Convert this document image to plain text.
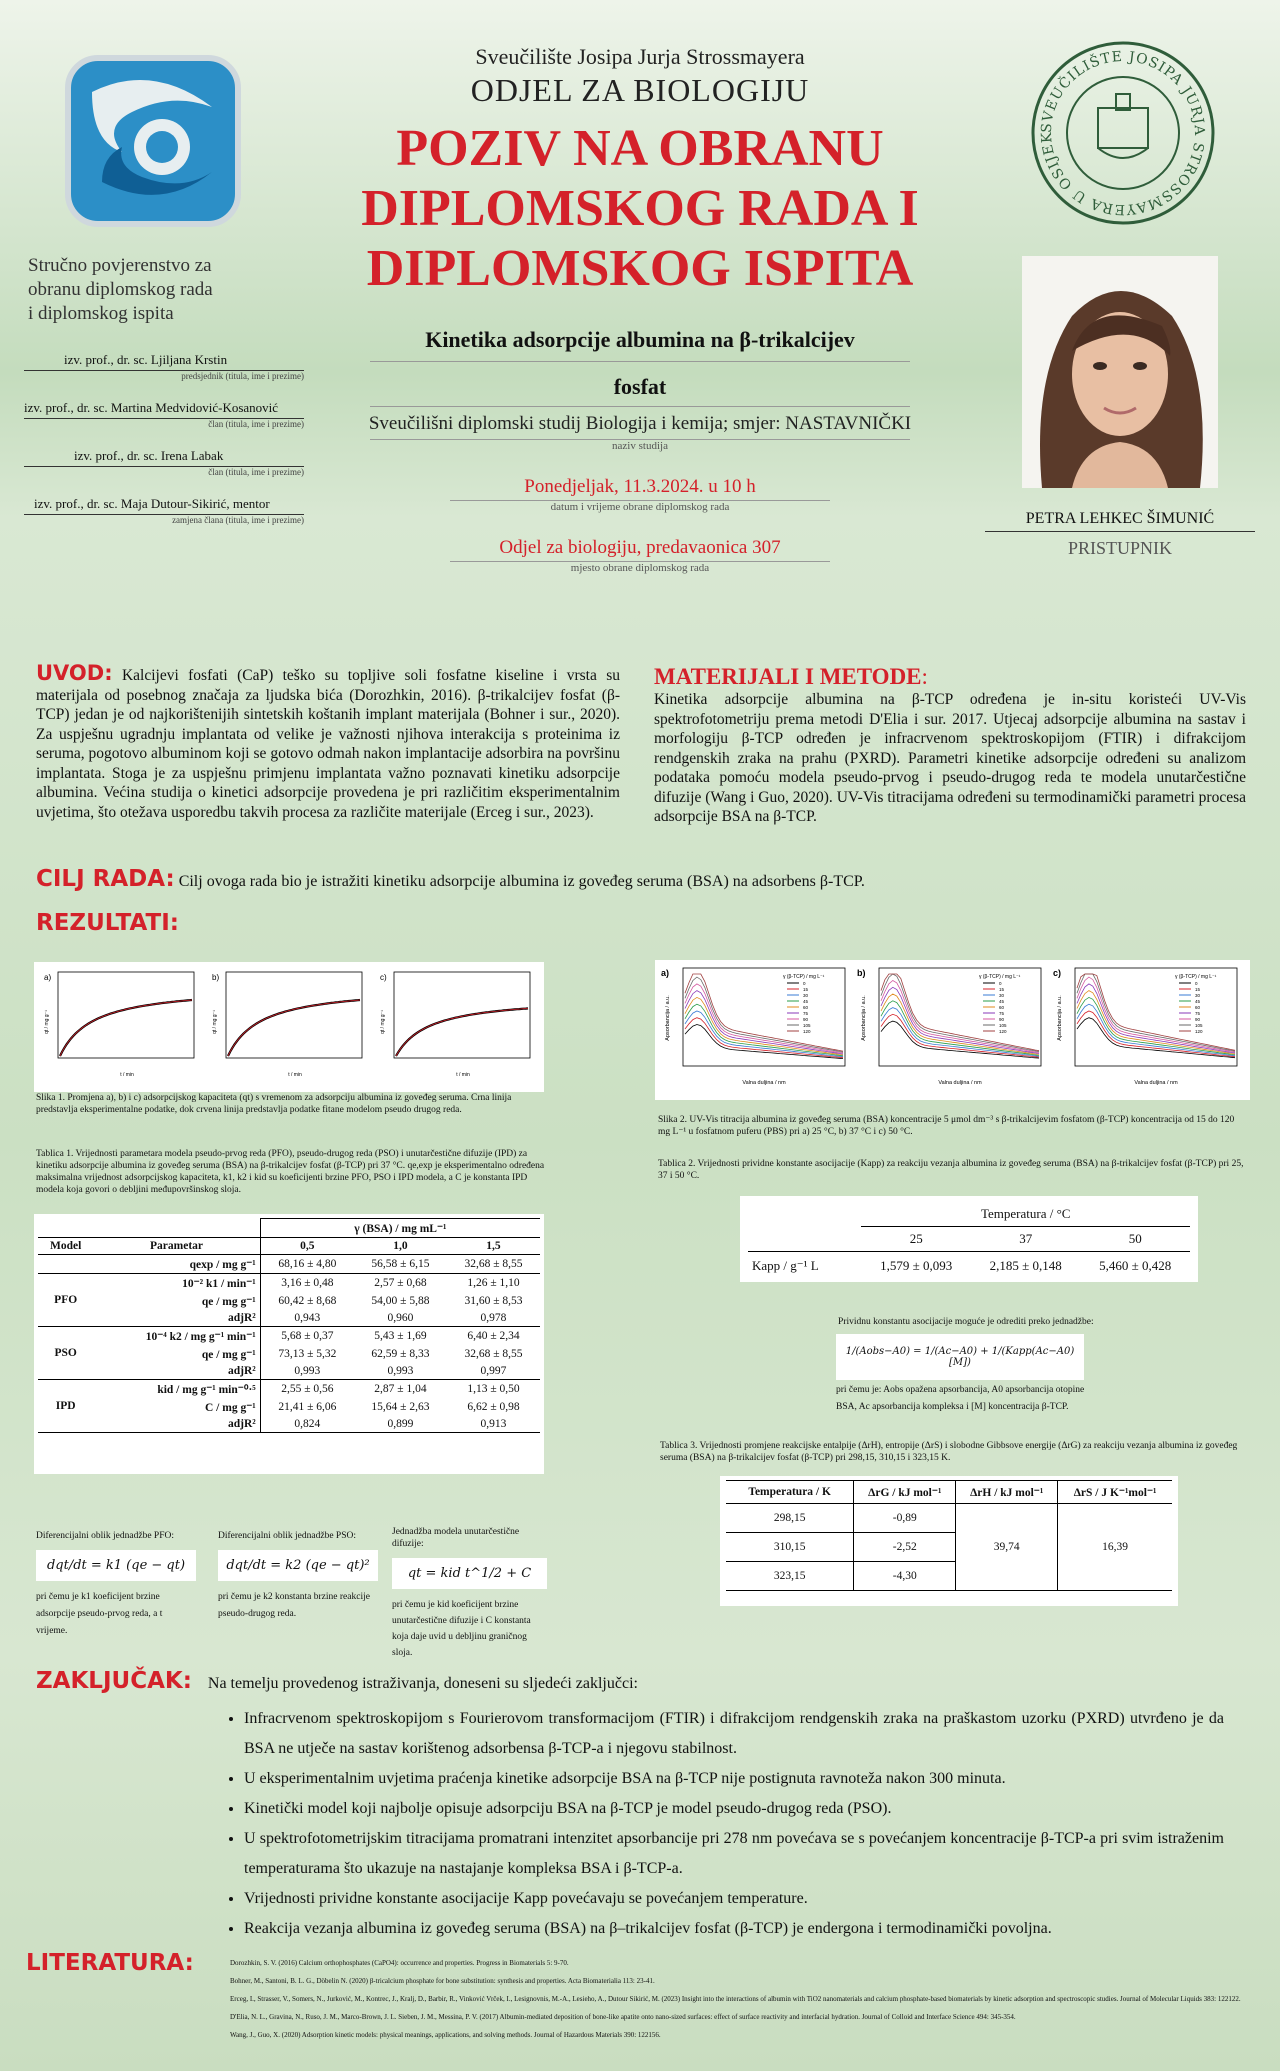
Stručno povjerenstvo za
obranu diplomskog rada
i diplomskog ispita
izv. prof., dr. sc. Ljiljana Krstin
predsjednik (titula, ime i prezime)
izv. prof., dr. sc. Martina Medvidović-Kosanović
član (titula, ime i prezime)
izv. prof., dr. sc. Irena Labak
član (titula, ime i prezime)
izv. prof., dr. sc. Maja Dutour-Sikirić, mentor
zamjena člana (titula, ime i prezime)
Sveučilište Josipa Jurja Strossmayera
ODJEL ZA BIOLOGIJU
POZIV NA OBRANU
DIPLOMSKOG RADA I
DIPLOMSKOG ISPITA
Kinetika adsorpcije albumina na β-trikalcijev
fosfat
Sveučilišni diplomski studij Biologija i kemija; smjer: NASTAVNIČKI
naziv studija
Ponedjeljak, 11.3.2024. u 10 h
datum i vrijeme obrane diplomskog rada
Odjel za biologiju, predavaonica 307
mjesto obrane diplomskog rada
SVEUČILIŠTE JOSIPA JURJA STROSSMAYERA U OSIJEK
PETRA LEHKEC ŠIMUNIĆ
PRISTUPNIK
UVOD: Kalcijevi fosfati (CaP) teško su topljive soli fosfatne kiseline i vrsta su materijala od posebnog značaja za ljudska bića (Dorozhkin, 2016). β-trikalcijev fosfat (β-TCP) jedan je od najkorištenijih sintetskih koštanih implant materijala (Bohner i sur., 2020). Za uspješnu ugradnju implantata od velike je važnosti njihova interakcija s proteinima iz seruma, pogotovo albuminom koji se gotovo odmah nakon implantacije adsorbira na površinu implantata. Stoga je za uspješnu primjenu implantata važno poznavati kinetiku adsorpcije albumina. Većina studija o kinetici adsorpcije provedena je pri različitim eksperimentalnim uvjetima, što otežava usporedbu takvih procesa za različite materijale (Erceg i sur., 2023).
MATERIJALI I METODE:
Kinetika adsorpcije albumina na β-TCP određena je in-situ koristeći UV-Vis spektrofotometriju prema metodi D'Elia i sur. 2017. Utjecaj adsorpcije albumina na sastav i morfologiju β-TCP određen je infracrvenom spektroskopijom (FTIR) i difrakcijom rendgenskih zraka na prahu (PXRD). Parametri kinetike adsorpcije određeni su analizom podataka pomoću modela pseudo-prvog i pseudo-drugog reda te modela unutarčestične difuzije (Wang i Guo, 2020). UV-Vis titracijama određeni su termodinamički parametri procesa adsorpcije BSA na β-TCP.
CILJ RADA: Cilj ovoga rada bio je istražiti kinetiku adsorpcije albumina iz goveđeg seruma (BSA) na adsorbens β-TCP.
REZULTATI:
a)
qt / mg g⁻¹
t / min
b)
qt / mg g⁻¹
t / min
c)
qt / mg g⁻¹
t / min
Slika 1. Promjena a), b) i c) adsorpcijskog kapaciteta (qt) s vremenom za adsorpciju albumina iz goveđeg seruma. Crna linija predstavlja eksperimentalne podatke, dok crvena linija predstavlja podatke fitane modelom pseudo drugog reda.
Tablica 1. Vrijednosti parametara modela pseudo-prvog reda (PFO), pseudo-drugog reda (PSO) i unutarčestične difuzije (IPD) za kinetiku adsorpcije albumina iz goveđeg seruma (BSA) na β-trikalcijev fosfat (β-TCP) pri 37 °C. qe,exp je eksperimentalno određena maksimalna vrijednost adsorpcijskog kapaciteta, k1, k2 i kid su koeficijenti brzine PFO, PSO i IPD modela, a C je konstanta IPD modela koja govori o debljini međupovršinskog sloja.
		γ (BSA) / mg mL⁻¹		
Model	Parametar	0,5	1,0	1,5
	qexp / mg g⁻¹	68,16 ± 4,80	56,58 ± 6,15	32,68 ± 8,55
PFO	10⁻² k1 / min⁻¹	3,16 ± 0,48	2,57 ± 0,68	1,26 ± 1,10
	qe / mg g⁻¹	60,42 ± 8,68	54,00 ± 5,88	31,60 ± 8,53
	adjR²	0,943	0,960	0,978
PSO	10⁻⁴ k2 / mg g⁻¹ min⁻¹	5,68 ± 0,37	5,43 ± 1,69	6,40 ± 2,34
	qe / mg g⁻¹	73,13 ± 5,32	62,59 ± 8,33	32,68 ± 8,55
	adjR²	0,993	0,993	0,997
IPD	kid / mg g⁻¹ min⁻⁰·⁵	2,55 ± 0,56	2,87 ± 1,04	1,13 ± 0,50
	C / mg g⁻¹	21,41 ± 6,06	15,64 ± 2,63	6,62 ± 0,98
	adjR²	0,824	0,899	0,913
Diferencijalni oblik jednadžbe PFO:
dqt/dt = k1 (qe − qt)
pri čemu je k1 koeficijent brzine adsorpcije pseudo-prvog reda, a t vrijeme.
Diferencijalni oblik jednadžbe PSO:
dqt/dt = k2 (qe − qt)²
pri čemu je k2 konstanta brzine reakcije pseudo-drugog reda.
Jednadžba modela unutarčestične difuzije:
qt = kid t^1/2 + C
pri čemu je kid koeficijent brzine unutarčestične difuzije i C konstanta koja daje uvid u debljinu graničnog sloja.
a)	γ (β-TCP) / mg L⁻¹
0
15
30
45
60
75
90
105
120
Apsorbancija / a.u.
Valna duljina / nm
b)	γ (β-TCP) / mg L⁻¹
0
15
30
45
60
75
90
105
120
Apsorbancija / a.u.
Valna duljina / nm
c)	γ (β-TCP) / mg L⁻¹
0
15
30
45
60
75
90
105
120
Apsorbancija / a.u.
Valna duljina / nm
Slika 2. UV-Vis titracija albumina iz goveđeg seruma (BSA) koncentracije 5 μmol dm⁻³ s β-trikalcijevim fosfatom (β-TCP) koncentracija od 15 do 120 mg L⁻¹ u fosfatnom puferu (PBS) pri a) 25 °C, b) 37 °C i c) 50 °C.
Tablica 2. Vrijednosti prividne konstante asocijacije (Kapp) za reakciju vezanja albumina iz goveđeg seruma (BSA) na β-trikalcijev fosfat (β-TCP) pri 25, 37 i 50 °C.
	Temperatura / °C		
	25	37	50
Kapp / g⁻¹ L	1,579 ± 0,093	2,185 ± 0,148	5,460 ± 0,428
Prividnu konstantu asocijacije moguće je odrediti preko jednadžbe:
1/(Aobs−A0) = 1/(Ac−A0) + 1/(Kapp(Ac−A0)[M])
pri čemu je: Aobs opažena apsorbancija, A0 apsorbancija otopine BSA, Ac apsorbancija kompleksa i [M] koncentracija β-TCP.
Tablica 3. Vrijednosti promjene reakcijske entalpije (ΔrH), entropije (ΔrS) i slobodne Gibbsove energije (ΔrG) za reakciju vezanja albumina iz goveđeg seruma (BSA) na β-trikalcijev fosfat (β-TCP) pri 298,15, 310,15 i 323,15 K.
Temperatura / K	ΔrG / kJ mol⁻¹	ΔrH / kJ mol⁻¹	ΔrS / J K⁻¹mol⁻¹
298,15	-0,89	39,74	16,39
310,15	-2,52		
323,15	-4,30		
ZAKLJUČAK: Na temelju provedenog istraživanja, doneseni su sljedeći zaključci:
• Infracrvenom spektroskopijom s Fourierovom transformacijom (FTIR) i difrakcijom rendgenskih zraka na praškastom uzorku (PXRD) utvrđeno je da BSA ne utječe na sastav korištenog adsorbensa β-TCP-a i njegovu stabilnost.
• U eksperimentalnim uvjetima praćenja kinetike adsorpcije BSA na β-TCP nije postignuta ravnoteža nakon 300 minuta.
• Kinetički model koji najbolje opisuje adsorpciju BSA na β-TCP je model pseudo-drugog reda (PSO).
• U spektrofotometrijskim titracijama promatrani intenzitet apsorbancije pri 278 nm povećava se s povećanjem koncentracije β-TCP-a pri svim istraženim temperaturama što ukazuje na nastajanje kompleksa BSA i β-TCP-a.
• Vrijednosti prividne konstante asocijacije Kapp povećavaju se povećanjem temperature.
• Reakcija vezanja albumina iz goveđeg seruma (BSA) na β–trikalcijev fosfat (β-TCP) je endergona i termodinamički povoljna.
LITERATURA:	Dorozhkin, S. V. (2016) Calcium orthophosphates (CaPO4): occurrence and properties. Progress in Biomaterials 5: 9-70.
Bohner, M., Santoni, B. L. G., Döbelin N. (2020) β-tricalcium phosphate for bone substitution: synthesis and properties. Acta Biomaterialia 113: 23-41.
Erceg, I., Strasser, V., Somers, N., Jurković, M., Kontrec, J., Kralj, D., Barbir, R., Vinković Vrček, I., Lesignovnis, M.-A., Lesieho, A., Dutour Sikirić, M. (2023) Insight into the interactions of albumin with TiO2 nanomaterials and calcium phosphate-based biomaterials by kinetic adsorption and spectroscopic studies. Journal of Molecular Liquids 383: 122122.
D'Elia, N. L., Gravina, N., Ruso, J. M., Marco-Brown, J. L. Sieben, J. M., Messina, P. V. (2017) Albumin-mediated deposition of bone-like apatite onto nano-sized surfaces: effect of surface reactivity and interfacial hydration. Journal of Colloid and Interface Science 494: 345-354.
Wang, J., Guo, X. (2020) Adsorption kinetic models: physical meanings, applications, and solving methods. Journal of Hazardous Materials 390: 122156.
